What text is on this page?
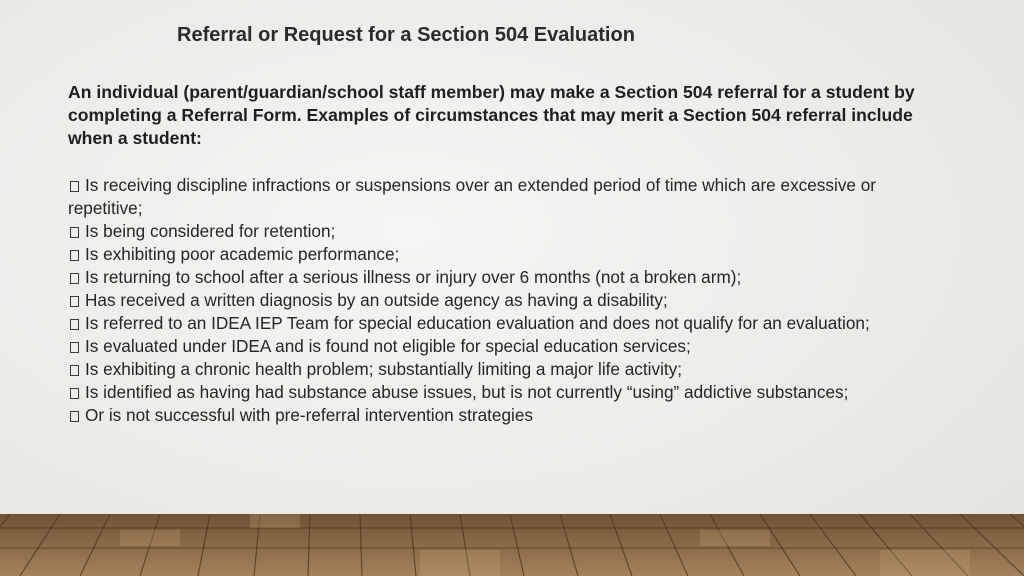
Referral or Request for a Section 504 Evaluation
An individual (parent/guardian/school staff member) may make a Section 504 referral for a student by completing a Referral Form. Examples of circumstances that may merit a Section 504 referral include when a student:
Is receiving discipline infractions or suspensions over an extended period of time which are excessive or repetitive;
Is being considered for retention;
Is exhibiting poor academic performance;
Is returning to school after a serious illness or injury over 6 months (not a broken arm);
Has received a written diagnosis by an outside agency as having a disability;
Is referred to an IDEA IEP Team for special education evaluation and does not qualify for an evaluation;
Is evaluated under IDEA and is found not eligible for special education services;
Is exhibiting a chronic health problem; substantially limiting a major life activity;
Is identified as having had substance abuse issues, but is not currently “using” addictive substances;
Or is not successful with pre-referral intervention strategies
